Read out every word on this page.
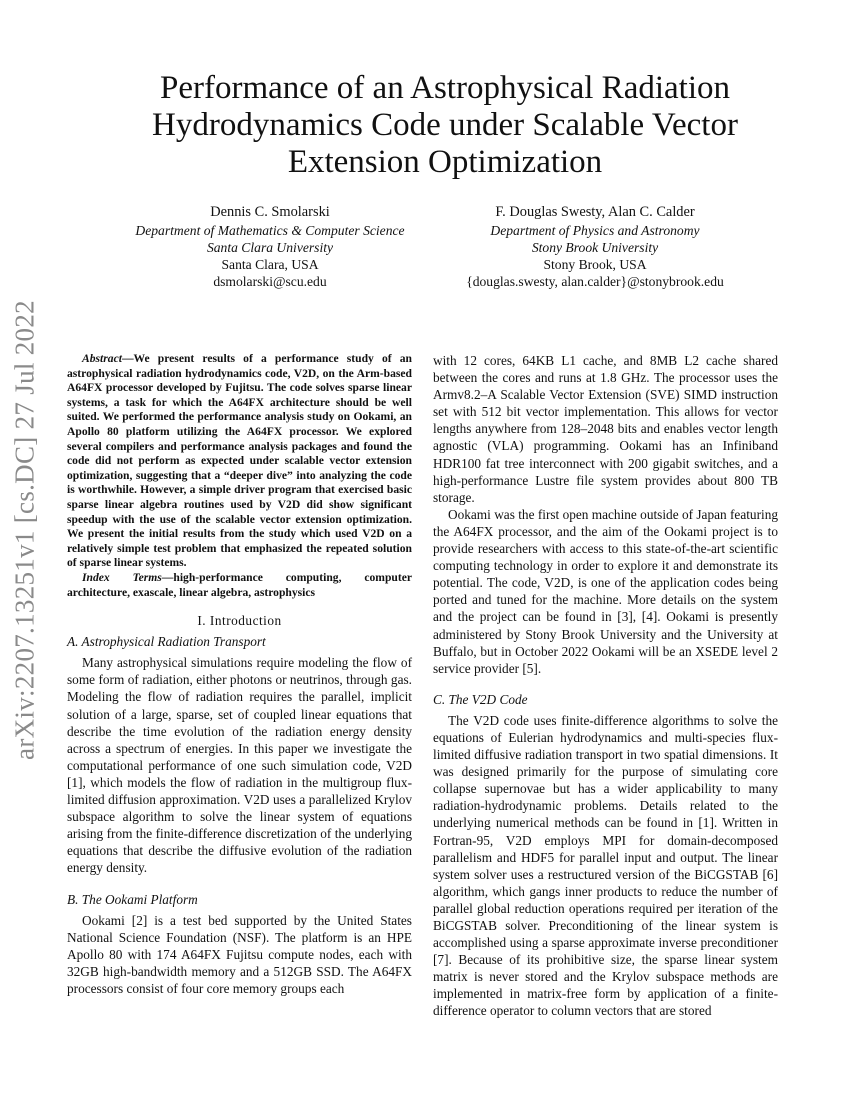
arXiv:2207.13251v1 [cs.DC] 27 Jul 2022
Performance of an Astrophysical Radiation
Hydrodynamics Code under Scalable Vector
Extension Optimization
Dennis C. Smolarski
Department of Mathematics & Computer Science
Santa Clara University
Santa Clara, USA
dsmolarski@scu.edu
F. Douglas Swesty, Alan C. Calder
Department of Physics and Astronomy
Stony Brook University
Stony Brook, USA
{douglas.swesty, alan.calder}@stonybrook.edu

Abstract—We present results of a performance study of an astrophysical radiation hydrodynamics code, V2D, on the Arm-based A64FX processor developed by Fujitsu. The code solves sparse linear systems, a task for which the A64FX architecture should be well suited. We performed the performance analysis study on Ookami, an Apollo 80 platform utilizing the A64FX processor. We explored several compilers and performance analysis packages and found the code did not perform as expected under scalable vector extension optimization, suggesting that a “deeper dive” into analyzing the code is worthwhile. However, a simple driver program that exercised basic sparse linear algebra routines used by V2D did show significant speedup with the use of the scalable vector extension optimization. We present the initial results from the study which used V2D on a relatively simple test problem that emphasized the repeated solution of sparse linear systems.

Index Terms—high-performance computing, computer architecture, exascale, linear algebra, astrophysics

I. Introduction
A. Astrophysical Radiation Transport

Many astrophysical simulations require modeling the flow of some form of radiation, either photons or neutrinos, through gas. Modeling the flow of radiation requires the parallel, implicit solution of a large, sparse, set of coupled linear equations that describe the time evolution of the radiation energy density across a spectrum of energies. In this paper we investigate the computational performance of one such simulation code, V2D [1], which models the flow of radiation in the multigroup flux-limited diffusion approximation. V2D uses a parallelized Krylov subspace algorithm to solve the linear system of equations arising from the finite-difference discretization of the underlying equations that describe the diffusive evolution of the radiation energy density.

B. The Ookami Platform

Ookami [2] is a test bed supported by the United States National Science Foundation (NSF). The platform is an HPE Apollo 80 with 174 A64FX Fujitsu compute nodes, each with 32GB high-bandwidth memory and a 512GB SSD. The A64FX processors consist of four core memory groups each

with 12 cores, 64KB L1 cache, and 8MB L2 cache shared between the cores and runs at 1.8 GHz. The processor uses the Armv8.2–A Scalable Vector Extension (SVE) SIMD instruction set with 512 bit vector implementation. This allows for vector lengths anywhere from 128–2048 bits and enables vector length agnostic (VLA) programming. Ookami has an Infiniband HDR100 fat tree interconnect with 200 gigabit switches, and a high-performance Lustre file system provides about 800 TB storage.

Ookami was the first open machine outside of Japan featuring the A64FX processor, and the aim of the Ookami project is to provide researchers with access to this state-of-the-art scientific computing technology in order to explore it and demonstrate its potential. The code, V2D, is one of the application codes being ported and tuned for the machine. More details on the system and the project can be found in [3], [4]. Ookami is presently administered by Stony Brook University and the University at Buffalo, but in October 2022 Ookami will be an XSEDE level 2 service provider [5].

C. The V2D Code

The V2D code uses finite-difference algorithms to solve the equations of Eulerian hydrodynamics and multi-species flux-limited diffusive radiation transport in two spatial dimensions. It was designed primarily for the purpose of simulating core collapse supernovae but has a wider applicability to many radiation-hydrodynamic problems. Details related to the underlying numerical methods can be found in [1]. Written in Fortran-95, V2D employs MPI for domain-decomposed parallelism and HDF5 for parallel input and output. The linear system solver uses a restructured version of the BiCGSTAB [6] algorithm, which gangs inner products to reduce the number of parallel global reduction operations required per iteration of the BiCGSTAB solver. Preconditioning of the linear system is accomplished using a sparse approximate inverse preconditioner [7]. Because of its prohibitive size, the sparse linear system matrix is never stored and the Krylov subspace methods are implemented in matrix-free form by application of a finite-difference operator to column vectors that are stored
